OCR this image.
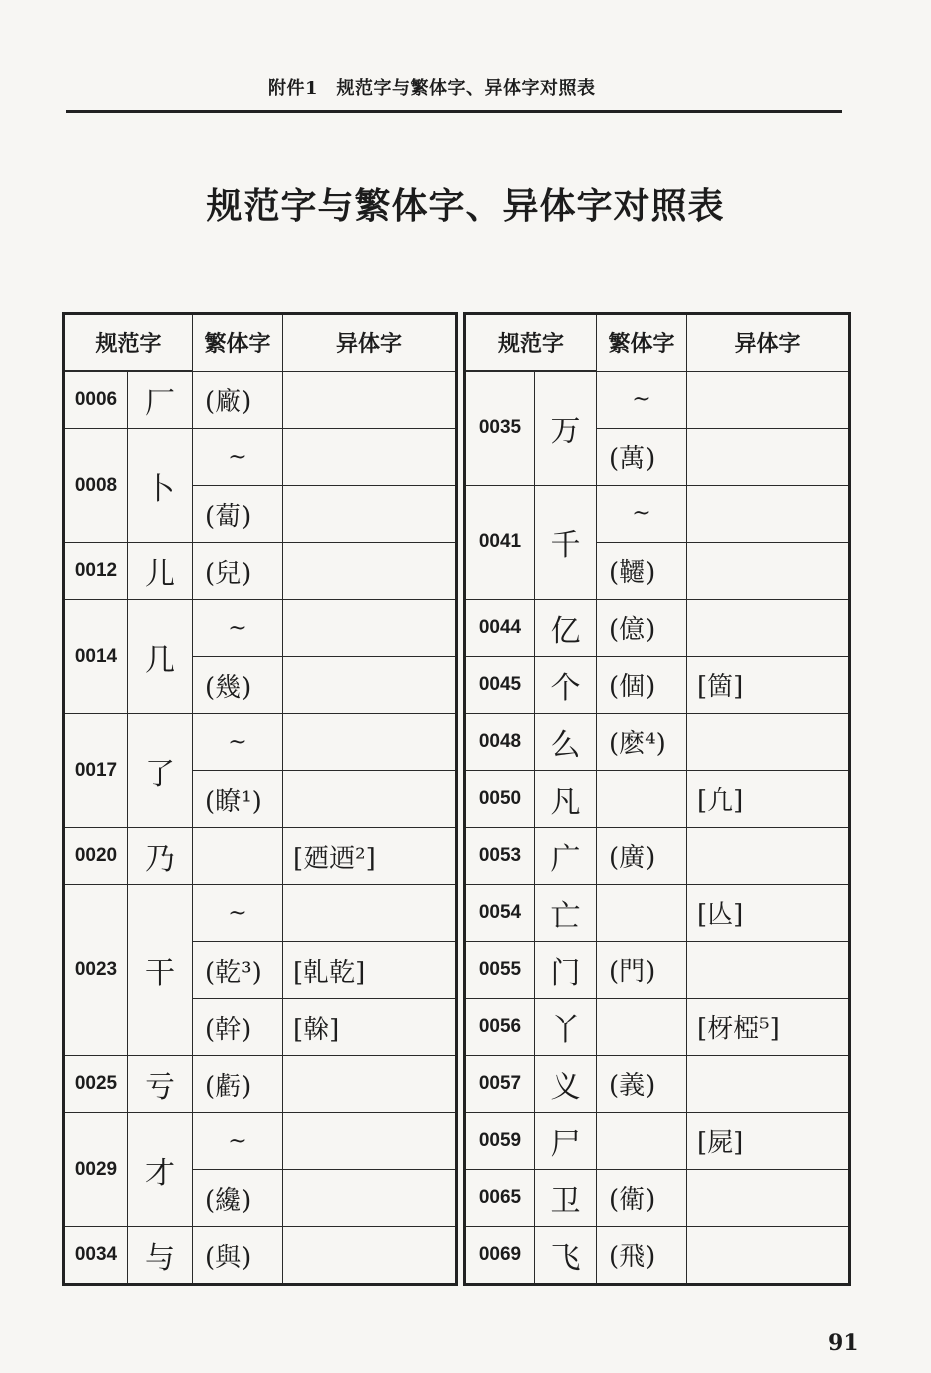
附件1　规范字与繁体字、异体字对照表
规范字与繁体字、异体字对照表
规范字		繁体字	异体字
0006	厂	(廠)	
0008	卜	~	
		(蔔)	
0012	儿	(兒)	
0014	几	~	
		(幾)	
0017	了	~	
		(瞭¹)	
0020	乃		[廼迺²]
0023	干	~	
		(乾³)	[乹乾]
		(幹)	[榦]
0025	亏	(虧)	
0029	才	~	
		(纔)	
0034	与	(與)	
规范字		繁体字	异体字
0035	万	~	
		(萬)	
0041	千	~	
		(韆)	
0044	亿	(億)	
0045	个	(個)	[箇]
0048	么	(麽⁴)	
0050	凡		[凢]
0053	广	(廣)	
0054	亡		[亾]
0055	门	(門)	
0056	丫		[枒椏⁵]
0057	义	(義)	
0059	尸		[屍]
0065	卫	(衛)	
0069	飞	(飛)	
91
